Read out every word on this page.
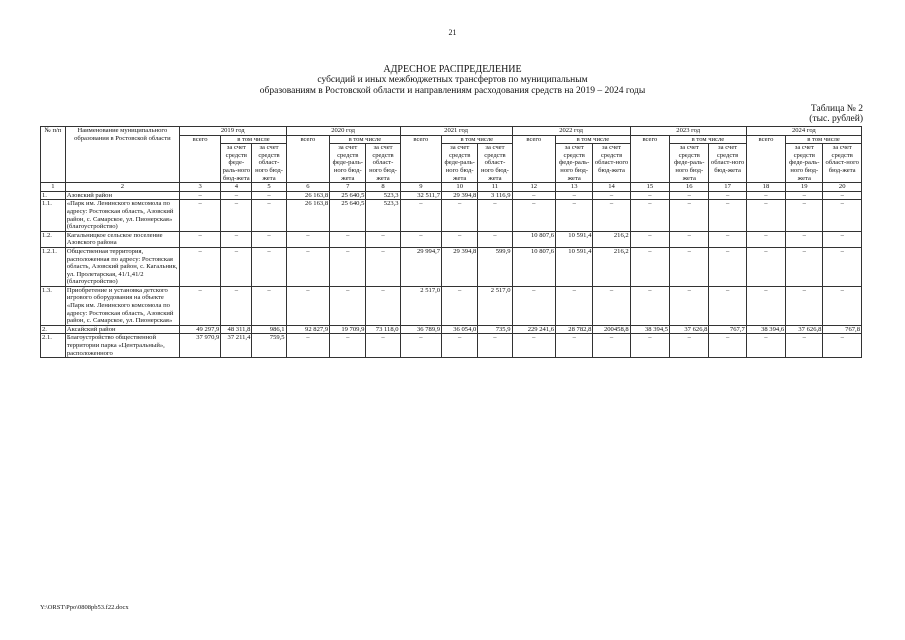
21
АДРЕСНОЕ РАСПРЕДЕЛЕНИЕ
субсидий и иных межбюджетных трансфертов по муниципальным
образованиям в Ростовской области и направлениям расходования средств на 2019 – 2024 годы
Таблица № 2
(тыс. рублей)
№ п/п	Наименование муниципального образования в Ростовской области	2019 год			2020 год			2021 год			2022 год			2023 год			2024 год		
		всего	в том числе		всего	в том числе		всего	в том числе		всего	в том числе		всего	в том числе		всего	в том числе	
			за счет средств феде-раль-ного бюд-жета	за счет средств област-ного бюд-жета		за счет средств феде-раль-ного бюд-жета	за счет средств област-ного бюд-жета		за счет средств феде-раль-ного бюд-жета	за счет средств област-ного бюд-жета		за счет средств феде-раль-ного бюд-жета	за счет средств област-ного бюд-жета		за счет средств феде-раль-ного бюд-жета	за счет средств област-ного бюд-жета		за счет средств феде-раль-ного бюд-жета	за счет средств област-ного бюд-жета
1	2	3	4	5	6	7	8	9	10	11	12	13	14	15	16	17	18	19	20
1.	Азовский район	–	–	–	26 163,8	25 640,5	523,3	32 511,7	29 394,8	3 116,9	–	–	–	–	–	–	–	–	–
1.1.	«Парк им. Ленинского комсомола по адресу: Ростовская область, Азовский район, с. Самарское, ул. Пионерская» (благоустройство)	–	–	–	26 163,8	25 640,5	523,3	–	–	–	–	–	–	–	–	–	–	–	–
1.2.	Кагальницкое сельское поселение Азовского района	–	–	–	–	–	–	–	–	–	10 807,6	10 591,4	216,2	–	–	–	–	–	–
1.2.1.	Общественная территория, расположенная по адресу: Ростовская область, Азовский район, с. Кагальник, ул. Пролетарская, 41/1,41/2 (благоустройство)	–	–	–	–	–	–	29 994,7	29 394,8	599,9	10 807,6	10 591,4	216,2	–	–	–	–	–	–
1.3.	Приобретение и установка детского игрового оборудования на объекте «Парк им. Ленинского комсомола по адресу: Ростовская область, Азовский район, с. Самарское, ул. Пионерская»	–	–	–	–	–	–	2 517,0	–	2 517,0	–	–	–	–	–	–	–	–	–
2.	Аксайский район	49 297,9	48 311,8	986,1	92 827,9	19 709,9	73 118,0	36 789,9	36 054,0	735,9	229 241,6	28 782,8	200458,8	38 394,5	37 626,8	767,7	38 394,6	37 626,8	767,8
2.1.	Благоустройство общественной территории парка «Центральный», расположенного	37 970,9	37 211,4	759,5	–	–	–	–	–	–	–	–	–	–	–	–	–	–	–
Y:\ORST\Ppo\0808pb53.f22.docx
